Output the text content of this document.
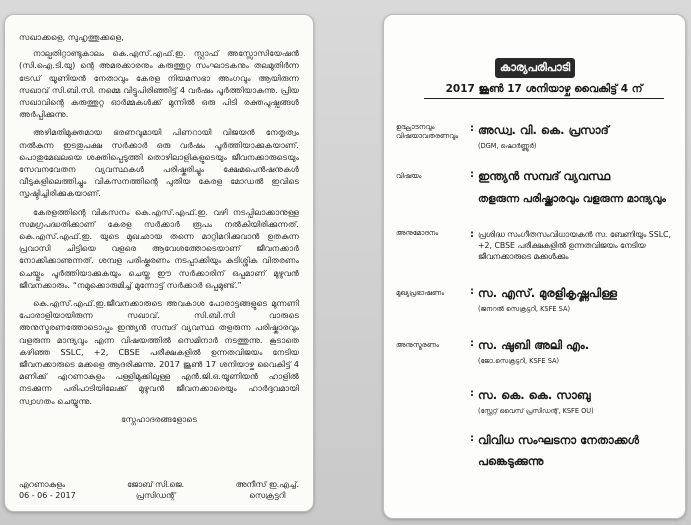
സഖാക്കളെ, സുഹൃത്തുക്കളെ,

നാല്പതിറ്റാണ്ടുകാലം കെ.എസ്.എഫ്.ഇ. സ്റ്റാഫ് അസ്സോസിയേഷൻ (സി.ഐ.ടി.യു) ന്റെ അമരക്കാരനും കരുത്തുറ്റ സംഘാടകനും തലമുതിർന്ന ട്രേഡ് യൂണിയൻ നേതാവും കേരള നിയമസഭാ അംഗവും ആയിരുന്ന സഖാവ് സി.ബി.സി. നമ്മെ വിട്ടുപിരിഞ്ഞിട്ട് 4 വർഷം പൂർത്തിയാകുന്നു. പ്രിയ സഖാവിന്റെ കരുത്തുറ്റ ഓർമ്മകൾക്ക് മുന്നിൽ ഒരു പിടി രക്തപുഷ്പങ്ങൾ അർപ്പിക്കുന്നു.

അഴിമതിമുക്തമായ ഭരണവുമായി പിണറായി വിജയൻ നേതൃത്വം നൽകുന്ന ഇടതുപക്ഷ സർക്കാർ ഒരു വർഷം പൂർത്തിയാക്കുകയാണ്. പൊതുമേഖലയെ ശക്തിപ്പെടുത്തി തൊഴിലാളികളുടെയും ജീവനക്കാരുടെയും സേവനവേതന വ്യവസ്ഥകൾ പരിഷ്കരിച്ചും ക്ഷേമപെൻഷനുകൾ വീടുകളിലെത്തിച്ചും വികസനത്തിന്റെ പുതിയ കേരള മോഡൽ ഇവിടെ സൃഷ്ടിച്ചിരിക്കുകയാണ്.

കേരളത്തിന്റെ വികസനം കെ.എസ്.എഫ്.ഇ. വഴി നടപ്പിലാക്കാനുള്ള സമഗ്രപദ്ധതിക്കാണ് കേരള സർക്കാർ രൂപം നൽകിയിരിക്കുന്നത്. കെ.എസ്.എഫ്.ഇ. യുടെ മുഖഛായ തന്നെ മാറ്റിമറിക്കുവാൻ ഉതകുന്ന പ്രവാസി ചിട്ടിയെ വളരെ ആവേശത്തോടെയാണ് ജീവനക്കാർ നോക്കിക്കാണുന്നത്. ശമ്പള പരിഷ്കരണം നടപ്പാക്കിയും കുടിശ്ശിക വിതരണം ചെയ്തും പൂർത്തിയാക്കുകയും ചെയ്ത ഈ സർക്കാരിന് ഒപ്പമാണ് മുഴുവൻ ജീവനക്കാരും. “നമുക്കൊരുമിച്ച് മുന്നോട്ട് സർക്കാർ ഒപ്പമുണ്ട്.”

കെ.എസ്.എഫ്.ഇ.ജീവനക്കാരുടെ അവകാശ പോരാട്ടങ്ങളുടെ മുന്നണി പോരാളിയായിരുന്ന സഖാവ്. സി.ബി.സി വാരുടെ അനുസ്മരണത്തോടൊപ്പം ഇന്ത്യൻ സമ്പദ് വ്യവസ്ഥ തളരുന്ന പരിഷ്കാരവും വളരുന്ന മാന്ദ്യവും എന്ന വിഷയത്തിൽ സെമിനാർ നടത്തുന്നു. കൂടാതെ കഴിഞ്ഞ SSLC, +2, CBSE പരീക്ഷകളിൽ ഉന്നതവിജയം നേടിയ ജീവനക്കാരുടെ മക്കളെ ആദരിക്കുന്നു. 2017 ജൂൺ 17 ശനിയാഴ്ച വൈകിട്ട് 4 മണിക്ക് എറണാകുളം പള്ളിമുക്കിലുള്ള എൻ.ജി.ഒ.യൂണിയൻ ഹാളിൽ നടക്കുന്ന പരിപാടിയിലേക്ക് മുഴുവൻ ജീവനക്കാരെയും ഹാർദ്ദവമായി സ്വാഗതം ചെയ്യുന്നു.

സ്നേഹാദരങ്ങളോടെ
എറണാകുളം
06 - 06 - 2017
ജോബ് സി.ജെ.
പ്രസിഡന്റ്
അനീസ് ഇ.എച്ച്.
സെക്രട്ടറി
കാര്യപരിപാടി
2017 ജൂൺ 17 ശനിയാഴ്ച വൈകിട്ട് 4 ന്
ഉദ്ഘാടനവും വിഷയാവതരണവും
: അഡ്വ. വി. കെ. പ്രസാദ്
(DGM, ഷൊർണ്ണൂർ)
വിഷയം	: ഇന്ത്യൻ സമ്പദ് വ്യവസ്ഥ
തളരുന്ന പരിഷ്ക്കാരവും വളരുന്ന മാന്ദ്യവും
അനുമോദനം	: പ്രശിദ്ധ സംഗീതസംവിധായകൻ സ. ബേണിയും SSLC, +2, CBSE പരീക്ഷകളിൽ ഉന്നതവിജയം നേടിയ ജീവനക്കാരുടെ മക്കൾക്കും
മുഖ്യപ്രഭാഷണം	: സ. എസ്. മുരളികൃഷ്ണപിള്ള
(ജനറൽ സെക്രട്ടറി, KSFE SA)
അനുസ്മരണം	: സ. ഷുബി അലി എം.
(ജോ.സെക്രട്ടറി, KSFE SA)
: സ. കെ. കെ. സാബു
(സ്റ്റേറ്റ് വൈസ് പ്രസിഡന്റ്, KSFE OU)
: വിവിധ സംഘടനാ നേതാക്കൾ
പങ്കെടുക്കുന്നു
